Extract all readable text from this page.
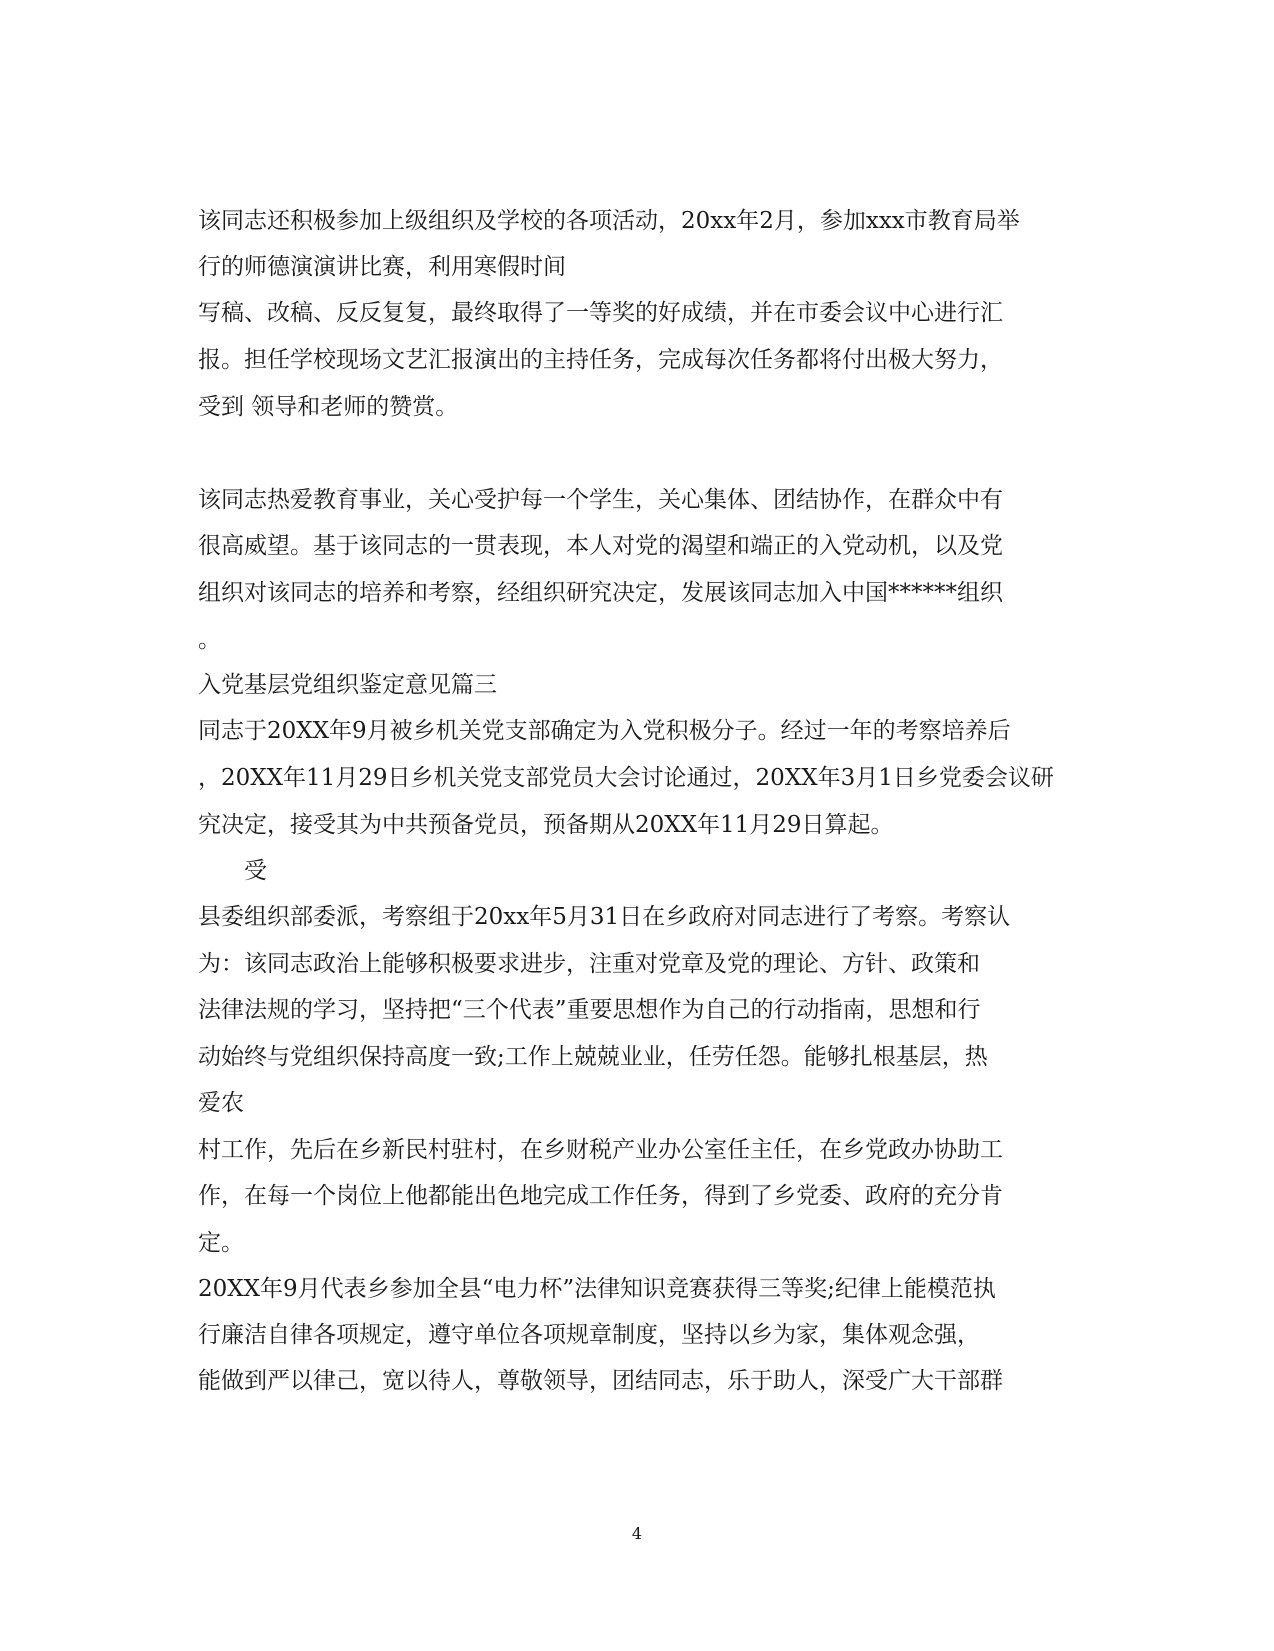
该同志还积极参加上级组织及学校的各项活动，20xx年2月，参加xxx市教育局举
行的师德演演讲比赛，利用寒假时间
写稿、改稿、反反复复，最终取得了一等奖的好成绩，并在市委会议中心进行汇
报。担任学校现场文艺汇报演出的主持任务，完成每次任务都将付出极大努力，
受到 领导和老师的赞赏。
该同志热爱教育事业，关心受护每一个学生，关心集体、团结协作，在群众中有
很高威望。基于该同志的一贯表现，本人对党的渴望和端正的入党动机，以及党
组织对该同志的培养和考察，经组织研究决定，发展该同志加入中国******组织
。
入党基层党组织鉴定意见篇三
同志于20XX年9月被乡机关党支部确定为入党积极分子。经过一年的考察培养后
，20XX年11月29日乡机关党支部党员大会讨论通过，20XX年3月1日乡党委会议研
究决定，接受其为中共预备党员，预备期从20XX年11月29日算起。
受
县委组织部委派，考察组于20xx年5月31日在乡政府对同志进行了考察。考察认
为：该同志政治上能够积极要求进步，注重对党章及党的理论、方针、政策和
法律法规的学习，坚持把“三个代表”重要思想作为自己的行动指南，思想和行
动始终与党组织保持高度一致;工作上兢兢业业，任劳任怨。能够扎根基层，热
爱农
村工作，先后在乡新民村驻村，在乡财税产业办公室任主任，在乡党政办协助工
作，在每一个岗位上他都能出色地完成工作任务，得到了乡党委、政府的充分肯
定。
20XX年9月代表乡参加全县“电力杯”法律知识竞赛获得三等奖;纪律上能模范执
行廉洁自律各项规定，遵守单位各项规章制度，坚持以乡为家，集体观念强，
能做到严以律己，宽以待人，尊敬领导，团结同志，乐于助人，深受广大干部群
4
